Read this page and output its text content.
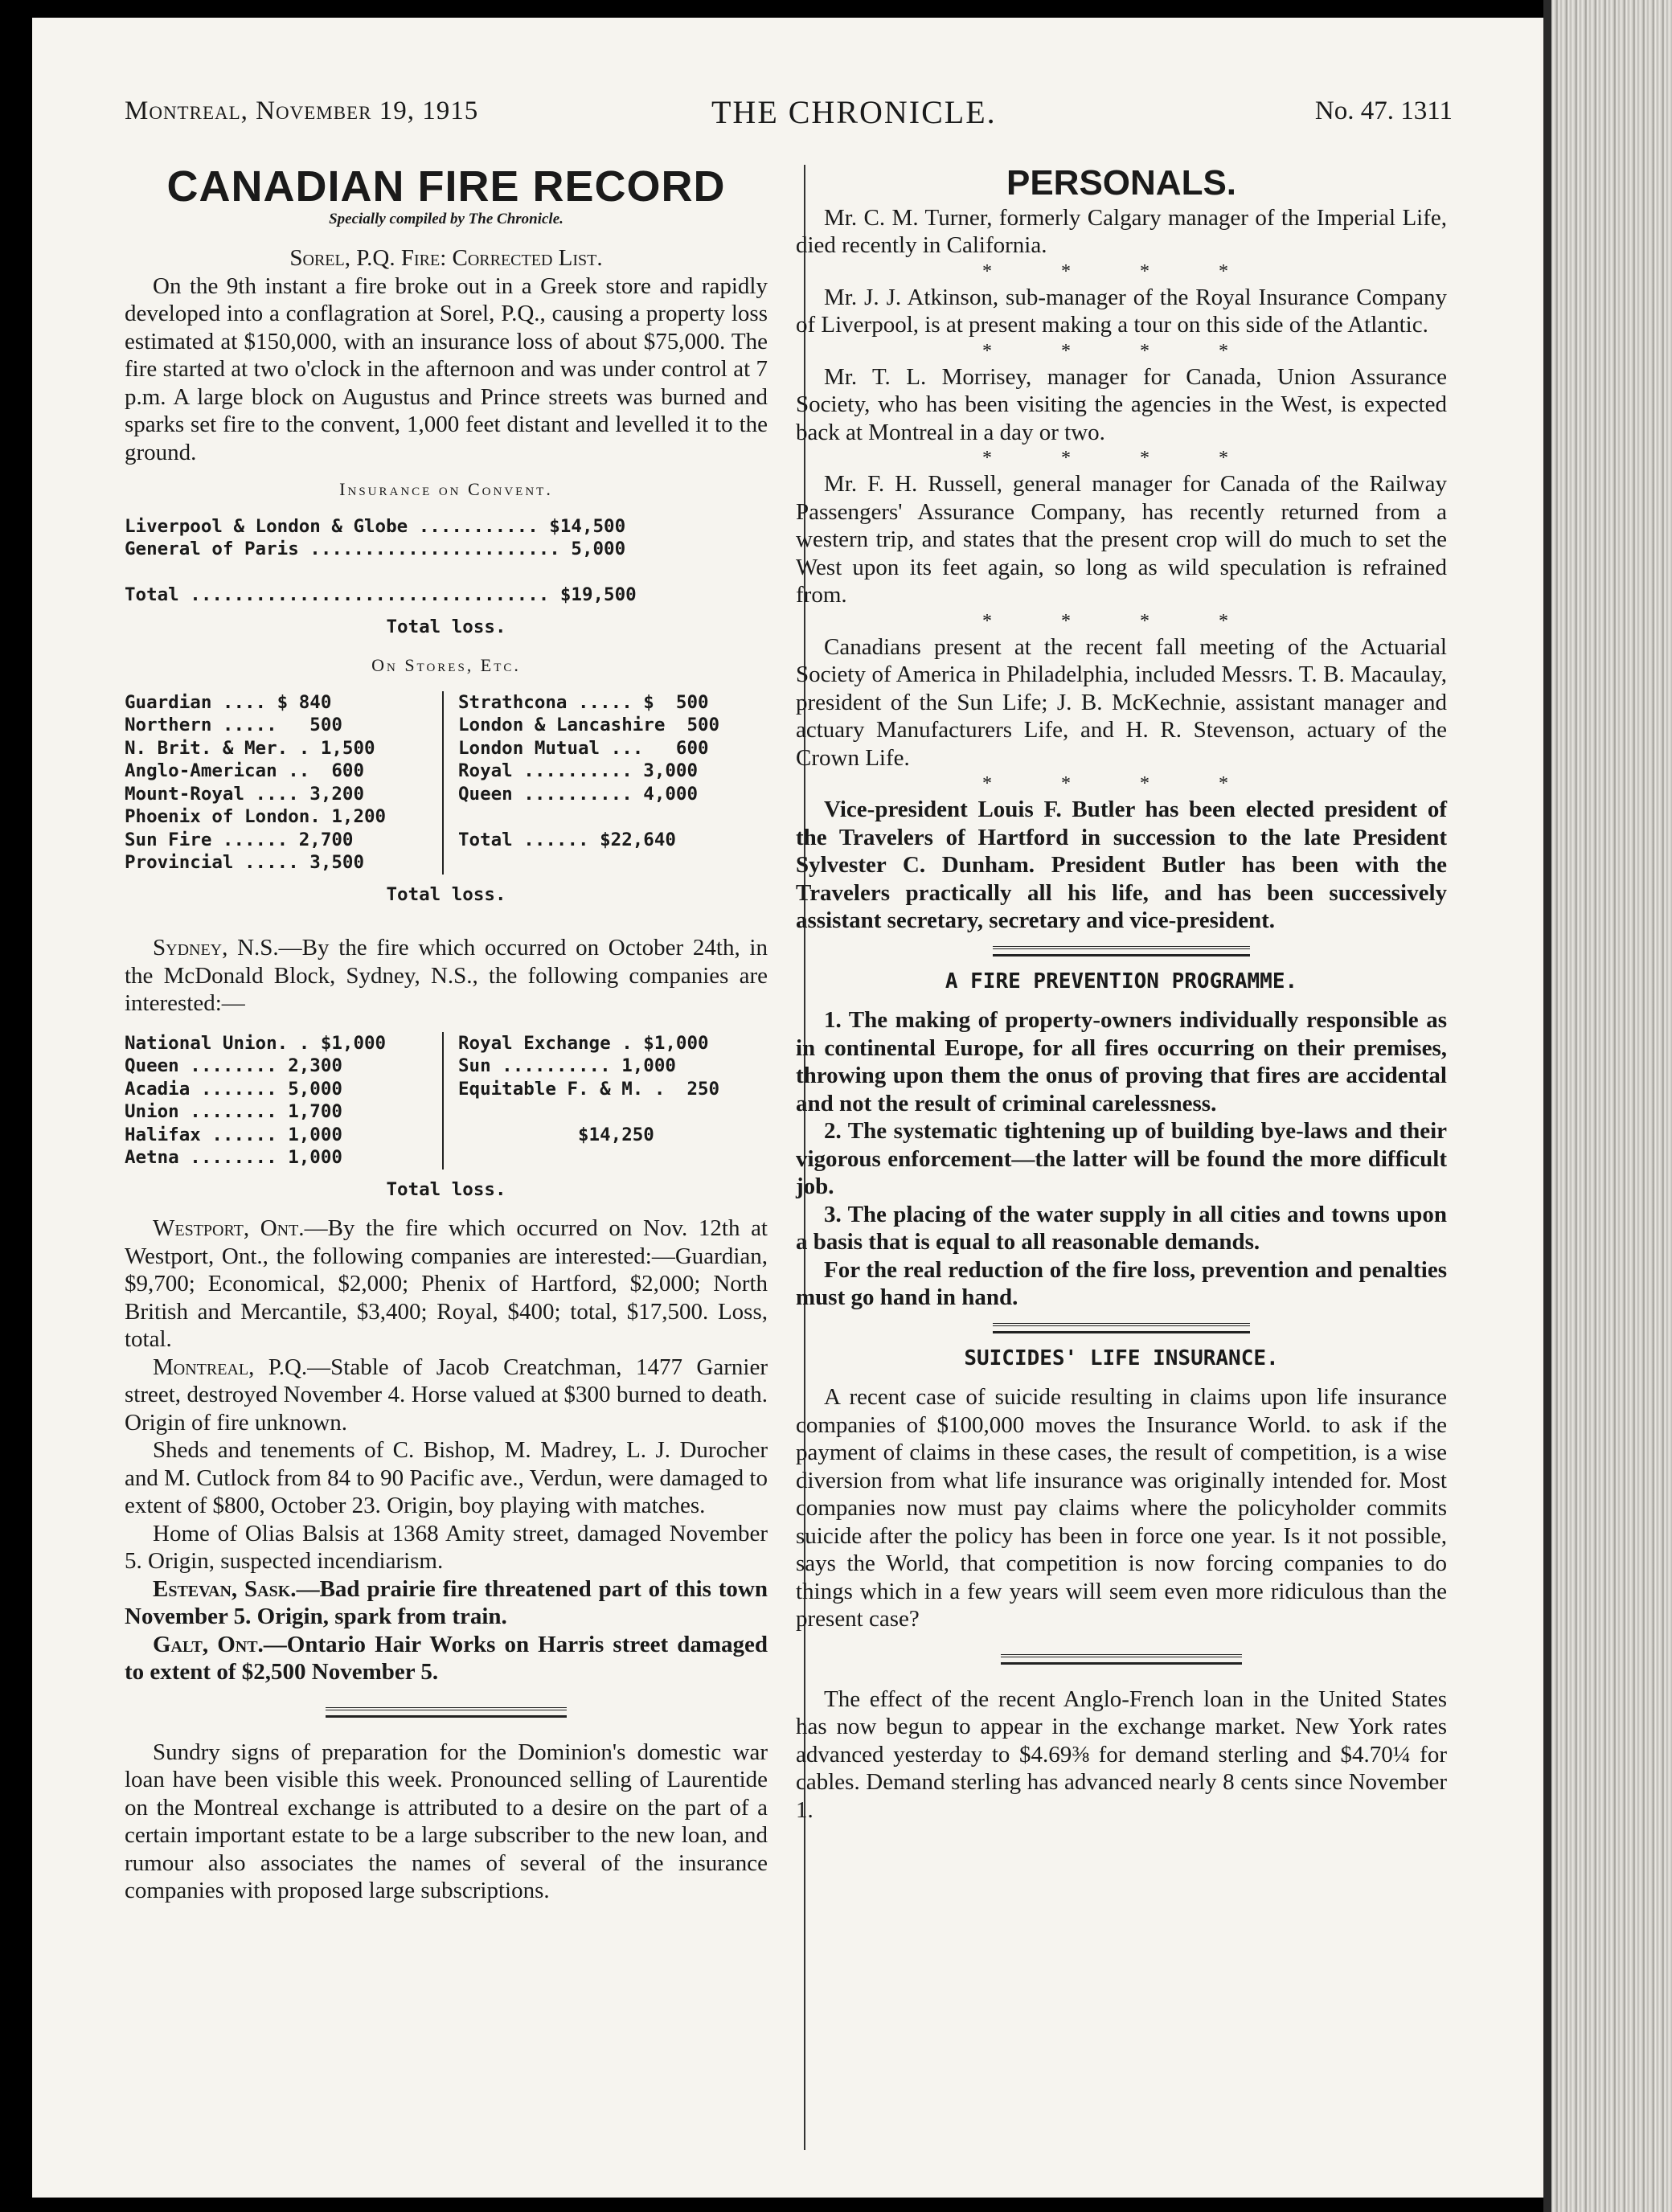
Montreal, November 19, 1915	THE CHRONICLE.	No. 47. 1311
CANADIAN FIRE RECORD
Specially compiled by The Chronicle.

Sorel, P.Q. Fire: Corrected List.

On the 9th instant a fire broke out in a Greek store and rapidly developed into a conflagration at Sorel, P.Q., causing a property loss estimated at $150,000, with an insurance loss of about $75,000. The fire started at two o'clock in the afternoon and was under control at 7 p.m. A large block on Augustus and Prince streets was burned and sparks set fire to the convent, 1,000 feet distant and levelled it to the ground.

Insurance on Convent.
Liverpool & London & Globe ........... $14,500
General of Paris ....................... 5,000

Total ................................. $19,500
Total loss.
On Stores, Etc.
Guardian .... $ 840
Northern .....   500
N. Brit. & Mer. . 1,500
Anglo-American ..  600
Mount-Royal .... 3,200
Phoenix of London. 1,200
Sun Fire ...... 2,700
Provincial ..... 3,500
Strathcona ..... $  500
London & Lancashire  500
London Mutual ...   600
Royal .......... 3,000
Queen .......... 4,000

Total ...... $22,640
Total loss.

Sydney, N.S.—By the fire which occurred on October 24th, in the McDonald Block, Sydney, N.S., the following companies are interested:—

National Union. . $1,000
Queen ........ 2,300
Acadia ....... 5,000
Union ........ 1,700
Halifax ...... 1,000
Aetna ........ 1,000
Royal Exchange . $1,000
Sun .......... 1,000
Equitable F. & M. .  250

$14,250
Total loss.

Westport, Ont.—By the fire which occurred on Nov. 12th at Westport, Ont., the following companies are interested:—Guardian, $9,700; Economical, $2,000; Phenix of Hartford, $2,000; North British and Mercantile, $3,400; Royal, $400; total, $17,500. Loss, total.

Montreal, P.Q.—Stable of Jacob Creatchman, 1477 Garnier street, destroyed November 4. Horse valued at $300 burned to death. Origin of fire unknown.

Sheds and tenements of C. Bishop, M. Madrey, L. J. Durocher and M. Cutlock from 84 to 90 Pacific ave., Verdun, were damaged to extent of $800, October 23. Origin, boy playing with matches.

Home of Olias Balsis at 1368 Amity street, damaged November 5. Origin, suspected incendiarism.

Estevan, Sask.—Bad prairie fire threatened part of this town November 5. Origin, spark from train.

Galt, Ont.—Ontario Hair Works on Harris street damaged to extent of $2,500 November 5.

Sundry signs of preparation for the Dominion's domestic war loan have been visible this week. Pronounced selling of Laurentide on the Montreal exchange is attributed to a desire on the part of a certain important estate to be a large subscriber to the new loan, and rumour also associates the names of several of the insurance companies with proposed large subscriptions.

PERSONALS.

Mr. C. M. Turner, formerly Calgary manager of the Imperial Life, died recently in California.

* * * *

Mr. J. J. Atkinson, sub-manager of the Royal Insurance Company of Liverpool, is at present making a tour on this side of the Atlantic.

* * * *

Mr. T. L. Morrisey, manager for Canada, Union Assurance Society, who has been visiting the agencies in the West, is expected back at Montreal in a day or two.

* * * *

Mr. F. H. Russell, general manager for Canada of the Railway Passengers' Assurance Company, has recently returned from a western trip, and states that the present crop will do much to set the West upon its feet again, so long as wild speculation is refrained from.

* * * *

Canadians present at the recent fall meeting of the Actuarial Society of America in Philadelphia, included Messrs. T. B. Macaulay, president of the Sun Life; J. B. McKechnie, assistant manager and actuary Manufacturers Life, and H. R. Stevenson, actuary of the Crown Life.

* * * *

Vice-president Louis F. Butler has been elected president of the Travelers of Hartford in succession to the late President Sylvester C. Dunham. President Butler has been with the Travelers practically all his life, and has been successively assistant secretary, secretary and vice-president.

A FIRE PREVENTION PROGRAMME.

1. The making of property-owners individually responsible as in continental Europe, for all fires occurring on their premises, throwing upon them the onus of proving that fires are accidental and not the result of criminal carelessness.

2. The systematic tightening up of building bye-laws and their vigorous enforcement—the latter will be found the more difficult job.

3. The placing of the water supply in all cities and towns upon a basis that is equal to all reasonable demands.

For the real reduction of the fire loss, prevention and penalties must go hand in hand.

SUICIDES' LIFE INSURANCE.

A recent case of suicide resulting in claims upon life insurance companies of $100,000 moves the Insurance World. to ask if the payment of claims in these cases, the result of competition, is a wise diversion from what life insurance was originally intended for. Most companies now must pay claims where the policyholder commits suicide after the policy has been in force one year. Is it not possible, says the World, that competition is now forcing companies to do things which in a few years will seem even more ridiculous than the present case?

The effect of the recent Anglo-French loan in the United States has now begun to appear in the exchange market. New York rates advanced yesterday to $4.69⅜ for demand sterling and $4.70¼ for cables. Demand sterling has advanced nearly 8 cents since November 1.
